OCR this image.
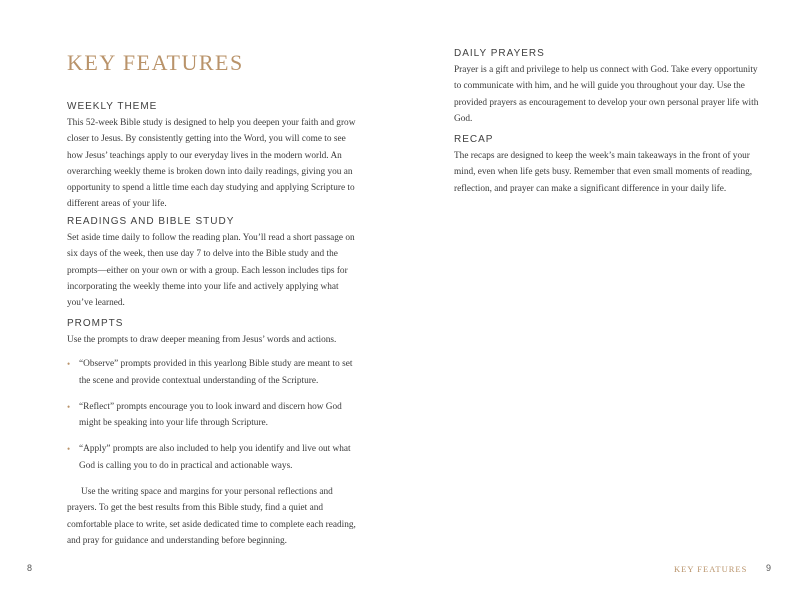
KEY FEATURES
WEEKLY THEME

This 52-week Bible study is designed to help you deepen your faith and grow closer to Jesus. By consistently getting into the Word, you will come to see how Jesus’ teachings apply to our everyday lives in the modern world. An overarching weekly theme is broken down into daily readings, giving you an opportunity to spend a little time each day studying and applying Scripture to different areas of your life.

READINGS AND BIBLE STUDY

Set aside time daily to follow the reading plan. You’ll read a short passage on six days of the week, then use day 7 to delve into the Bible study and the prompts—either on your own or with a group. Each lesson includes tips for incorporating the weekly theme into your life and actively applying what you’ve learned.

PROMPTS

Use the prompts to draw deeper meaning from Jesus’ words and actions.

• “Observe” prompts provided in this yearlong Bible study are meant to set the scene and provide contextual understanding of the Scripture.
• “Reflect” prompts encourage you to look inward and discern how God might be speaking into your life through Scripture.
• “Apply” prompts are also included to help you identify and live out what God is calling you to do in practical and actionable ways.

Use the writing space and margins for your personal reflections and prayers. To get the best results from this Bible study, find a quiet and comfortable place to write, set aside dedicated time to complete each reading, and pray for guidance and understanding before beginning.

8
DAILY PRAYERS

Prayer is a gift and privilege to help us connect with God. Take every opportunity to communicate with him, and he will guide you throughout your day. Use the provided prayers as encouragement to develop your own personal prayer life with God.

RECAP

The recaps are designed to keep the week’s main takeaways in the front of your mind, even when life gets busy. Remember that even small moments of reading, reflection, and prayer can make a significant difference in your daily life.

KEY FEATURES 9
